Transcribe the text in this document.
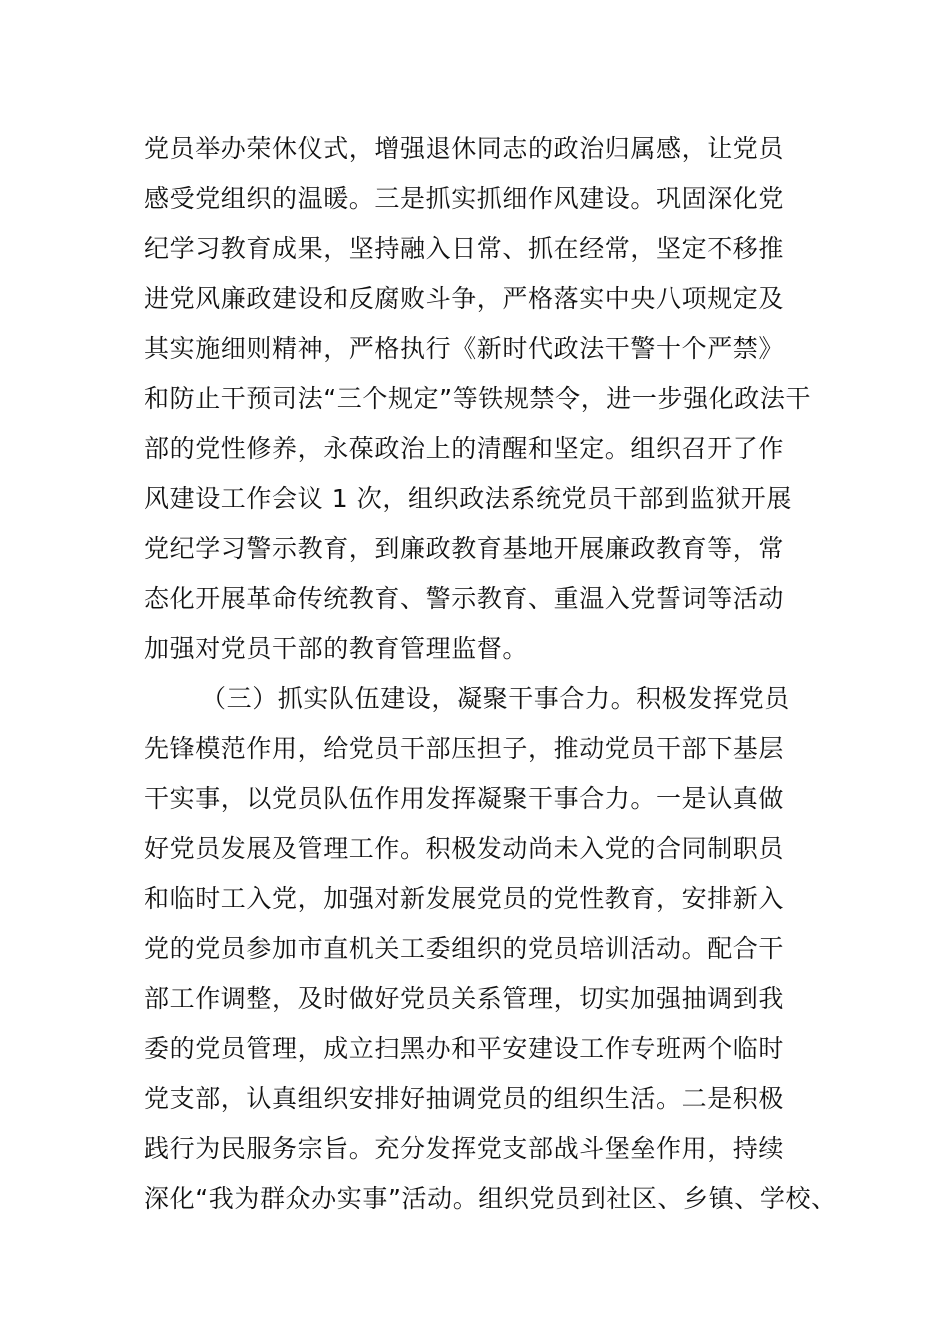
党员举办荣休仪式，增强退休同志的政治归属感，让党员
感受党组织的温暖。三是抓实抓细作风建设。巩固深化党
纪学习教育成果，坚持融入日常、抓在经常，坚定不移推
进党风廉政建设和反腐败斗争，严格落实中央八项规定及
其实施细则精神，严格执行《新时代政法干警十个严禁》
和防止干预司法“三个规定”等铁规禁令，进一步强化政法干
部的党性修养，永葆政治上的清醒和坚定。组织召开了作
风建设工作会议 1 次，组织政法系统党员干部到监狱开展
党纪学习警示教育，到廉政教育基地开展廉政教育等，常
态化开展革命传统教育、警示教育、重温入党誓词等活动
加强对党员干部的教育管理监督。
（三）抓实队伍建设，凝聚干事合力。积极发挥党员
先锋模范作用，给党员干部压担子，推动党员干部下基层
干实事，以党员队伍作用发挥凝聚干事合力。一是认真做
好党员发展及管理工作。积极发动尚未入党的合同制职员
和临时工入党，加强对新发展党员的党性教育，安排新入
党的党员参加市直机关工委组织的党员培训活动。配合干
部工作调整，及时做好党员关系管理，切实加强抽调到我
委的党员管理，成立扫黑办和平安建设工作专班两个临时
党支部，认真组织安排好抽调党员的组织生活。二是积极
践行为民服务宗旨。充分发挥党支部战斗堡垒作用，持续
深化“我为群众办实事”活动。组织党员到社区、乡镇、学校、
